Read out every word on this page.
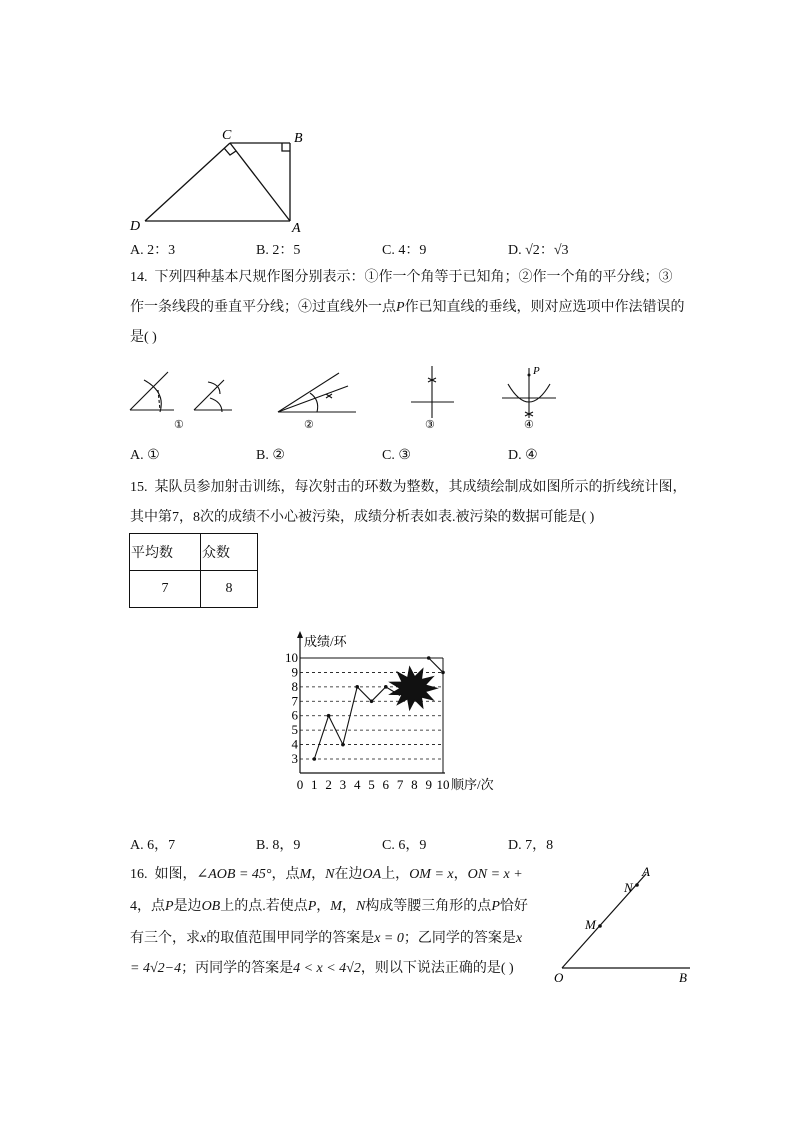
C	B
D	A
A. 2：3	B. 2：5	C. 4：9	D. √2：√3
14. 下列四种基本尺规作图分别表示：①作一个角等于已知角；②作一个角的平分线；③
作一条线段的垂直平分线；④过直线外一点P作已知直线的垂线，则对应选项中作法错误的
是( )
P
①	②	③	④
A. ①	B. ②	C. ③	D. ④
15. 某队员参加射击训练，每次射击的环数为整数，其成绩绘制成如图所示的折线统计图，
其中第7，8次的成绩不小心被污染，成绩分析表如表.被污染的数据可能是( )
平均数	众数
7	8
3
4
5
6
7
8
9
10
0 1 2 3 4 5 6 7 8 9 10
成绩/环
顺序/次
A. 6，7	B. 8，9	C. 6，9	D. 7，8
16. 如图，∠AOB = 45°，点M，N在边OA上，OM = x，ON = x +
4，点P是边OB上的点.若使点P，M，N构成等腰三角形的点P恰好
有三个，求x的取值范围甲同学的答案是x = 0；乙同学的答案是x
= 4√2−4；丙同学的答案是4 < x < 4√2，则以下说法正确的是( )
A
N
M
O	B
